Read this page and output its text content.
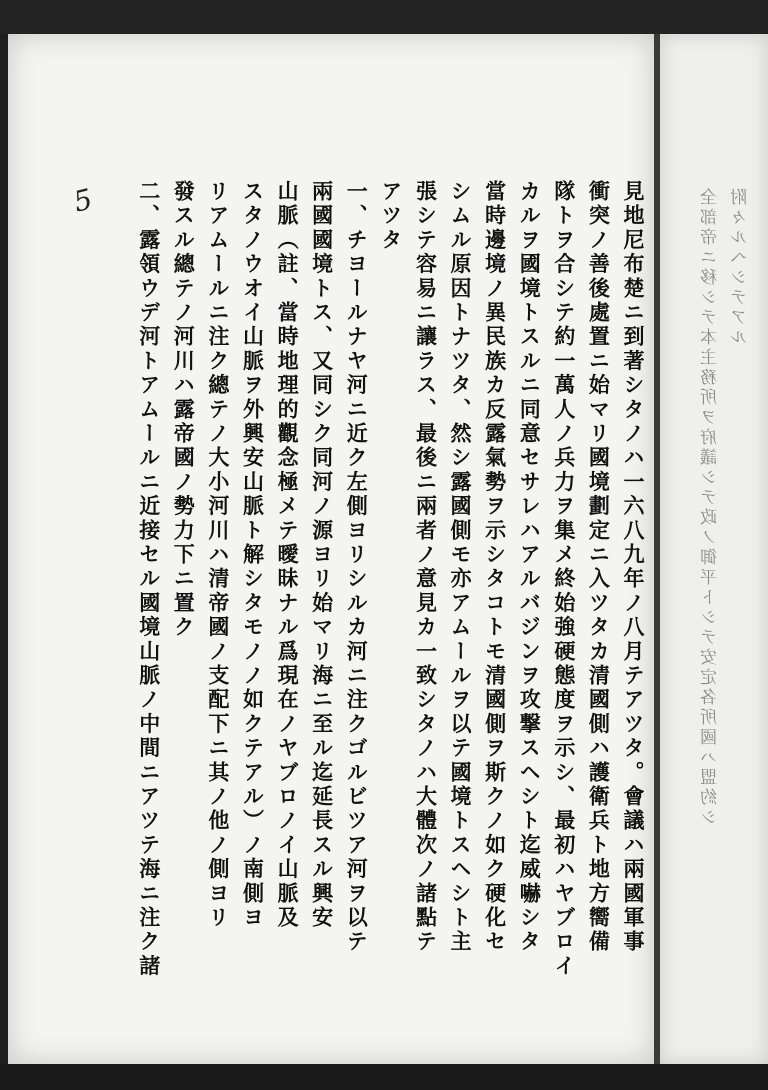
附々ルヘシテアル
全部帝ニ移シテ本主務所ヲ府議シテ政ノ御平トシテ安定各所國ハ盟約シ
5	見地尼布楚ニ到著シタノハ一六八九年ノ八月テアツタ。會議ハ兩國軍事
衝突ノ善後處置ニ始マリ國境劃定ニ入ツタカ清國側ハ護衛兵ト地方嚮備
隊トヲ合シテ約一萬人ノ兵力ヲ集メ終始強硬態度ヲ示シ、最初ハヤブロイ
カルヲ國境トスルニ同意セサレハアルバジンヲ攻撃スヘシト迄威嚇シタ
當時邊境ノ異民族カ反露氣勢ヲ示シタコトモ清國側ヲ斯クノ如ク硬化セ
シムル原因トナツタ、然シ露國側モ亦アムールヲ以テ國境トスヘシト主
張シテ容易ニ讓ラス、最後ニ兩者ノ意見カ一致シタノハ大體次ノ諸點テ
アツタ
一、チヨールナヤ河ニ近ク左側ヨリシルカ河ニ注クゴルビツア河ヲ以テ
兩國國境トス、又同シク同河ノ源ヨリ始マリ海ニ至ル迄延長スル興安
山脈（註、當時地理的觀念極メテ曖昧ナル爲現在ノヤブロノイ山脈及
スタノウオイ山脈ヲ外興安山脈ト解シタモノノ如クテアル）ノ南側ヨ
リアムールニ注ク總テノ大小河川ハ清帝國ノ支配下ニ其ノ他ノ側ヨリ
發スル總テノ河川ハ露帝國ノ勢力下ニ置ク
二、露領ウデ河トアムールニ近接セル國境山脈ノ中間ニアツテ海ニ注ク諸
